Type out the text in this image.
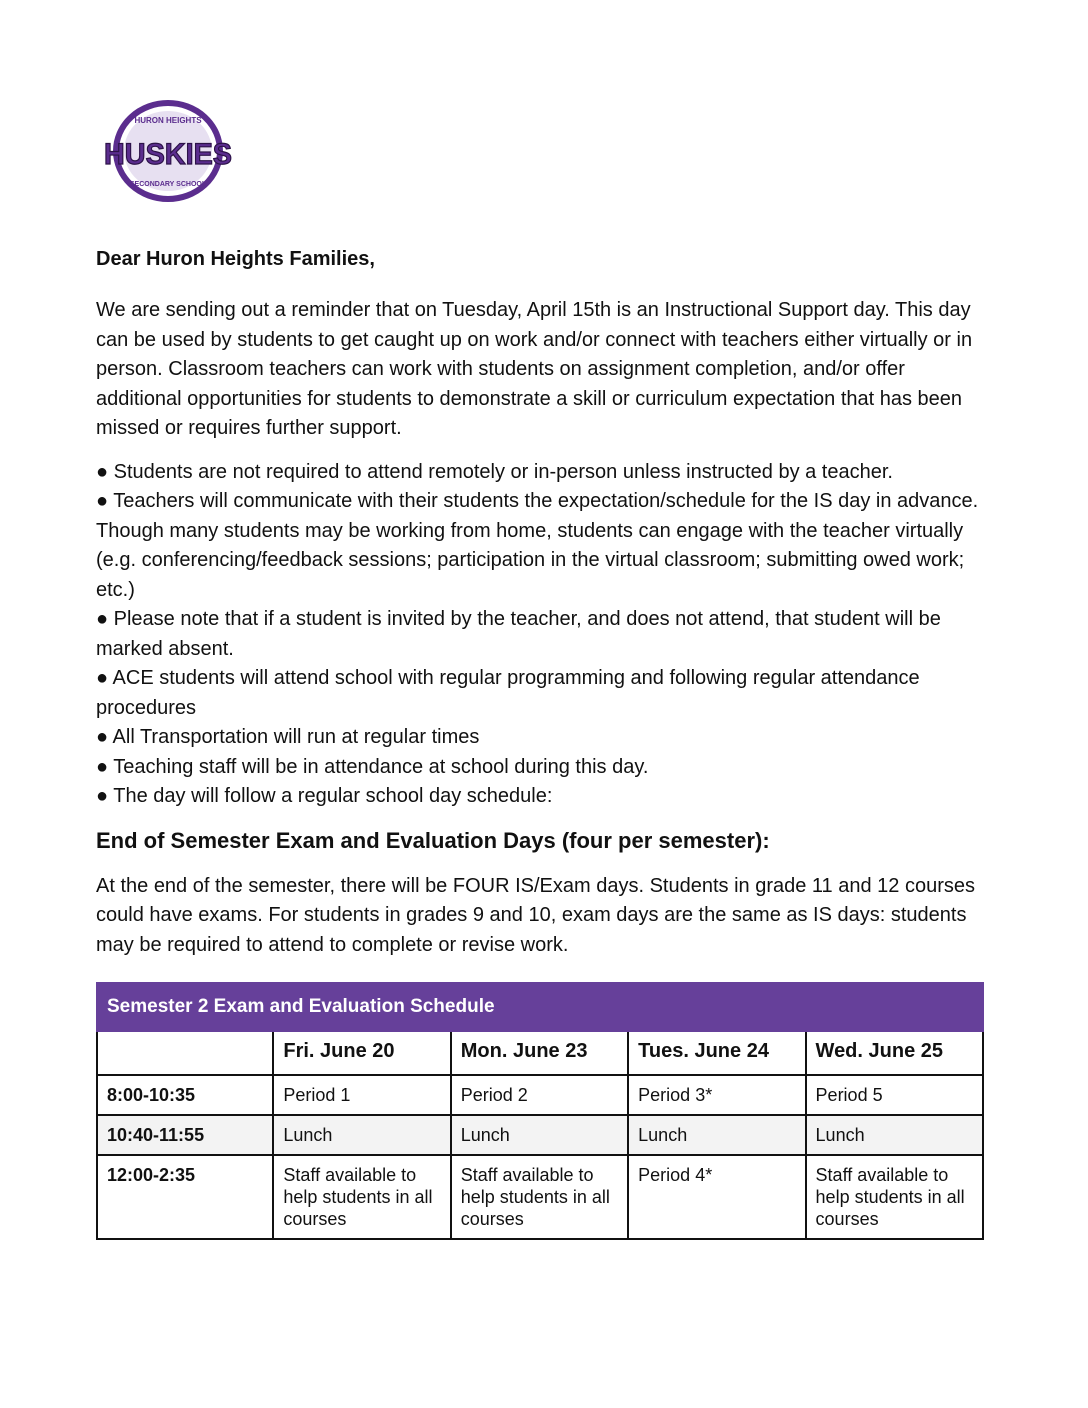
HURON HEIGHTS
HUSKIES
SECONDARY SCHOOL

Dear Huron Heights Families,

We are sending out a reminder that on Tuesday, April 15th is an Instructional Support day. This day can be used by students to get caught up on work and/or connect with teachers either virtually or in person. Classroom teachers can work with students on assignment completion, and/or offer additional opportunities for students to demonstrate a skill or curriculum expectation that has been missed or requires further support.

● Students are not required to attend remotely or in-person unless instructed by a teacher.
● Teachers will communicate with their students the expectation/schedule for the IS day in advance. Though many students may be working from home, students can engage with the teacher virtually (e.g. conferencing/feedback sessions; participation in the virtual classroom; submitting owed work; etc.)
● Please note that if a student is invited by the teacher, and does not attend, that student will be marked absent.
● ACE students will attend school with regular programming and following regular attendance procedures
● All Transportation will run at regular times
● Teaching staff will be in attendance at school during this day.
● The day will follow a regular school day schedule:
End of Semester Exam and Evaluation Days (four per semester):

At the end of the semester, there will be FOUR IS/Exam days. Students in grade 11 and 12 courses could have exams. For students in grades 9 and 10, exam days are the same as IS days: students may be required to attend to complete or revise work.

Semester 2 Exam and Evaluation Schedule				
	Fri. June 20	Mon. June 23	Tues. June 24	Wed. June 25
8:00-10:35	Period 1	Period 2	Period 3*	Period 5
10:40-11:55	Lunch	Lunch	Lunch	Lunch
12:00-2:35	Staff available to help students in all courses	Staff available to help students in all courses	Period 4*	Staff available to help students in all courses
